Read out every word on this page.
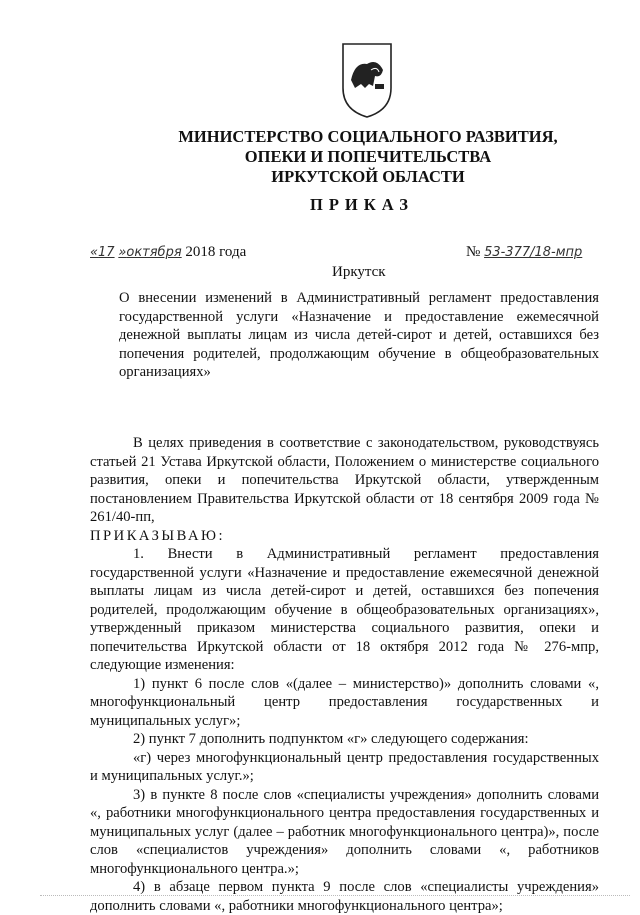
МИНИСТЕРСТВО СОЦИАЛЬНОГО РАЗВИТИЯ,
ОПЕКИ И ПОПЕЧИТЕЛЬСТВА
ИРКУТСКОЙ ОБЛАСТИ
ПРИКАЗ
«17 »октября 2018 года	№ 53-377/18-мпр
Иркутск
О внесении изменений в Административный регламент предоставления государственной услуги «Назначение и предоставление ежемесячной денежной выплаты лицам из числа детей-сирот и детей, оставшихся без попечения родителей, продолжающим обучение в общеобразовательных организациях»

В целях приведения в соответствие с законодательством, руководствуясь статьей 21 Устава Иркутской области, Положением о министерстве социального развития, опеки и попечительства Иркутской области, утвержденным постановлением Правительства Иркутской области от 18 сентября 2009 года № 261/40-пп,

ПРИКАЗЫВАЮ:

1. Внести в Административный регламент предоставления государственной услуги «Назначение и предоставление ежемесячной денежной выплаты лицам из числа детей-сирот и детей, оставшихся без попечения родителей, продолжающим обучение в общеобразовательных организациях», утвержденный приказом министерства социального развития, опеки и попечительства Иркутской области от 18 октября 2012 года № 276-мпр, следующие изменения:

1) пункт 6 после слов «(далее – министерство)» дополнить словами «, многофункциональный центр предоставления государственных и муниципальных услуг»;

2) пункт 7 дополнить подпунктом «г» следующего содержания:

«г) через многофункциональный центр предоставления государственных и муниципальных услуг.»;

3) в пункте 8 после слов «специалисты учреждения» дополнить словами «, работники многофункционального центра предоставления государственных и муниципальных услуг (далее – работник многофункционального центра)», после слов «специалистов учреждения» дополнить словами «, работников многофункционального центра.»;

4) в абзаце первом пункта 9 после слов «специалисты учреждения» дополнить словами «, работники многофункционального центра»;
